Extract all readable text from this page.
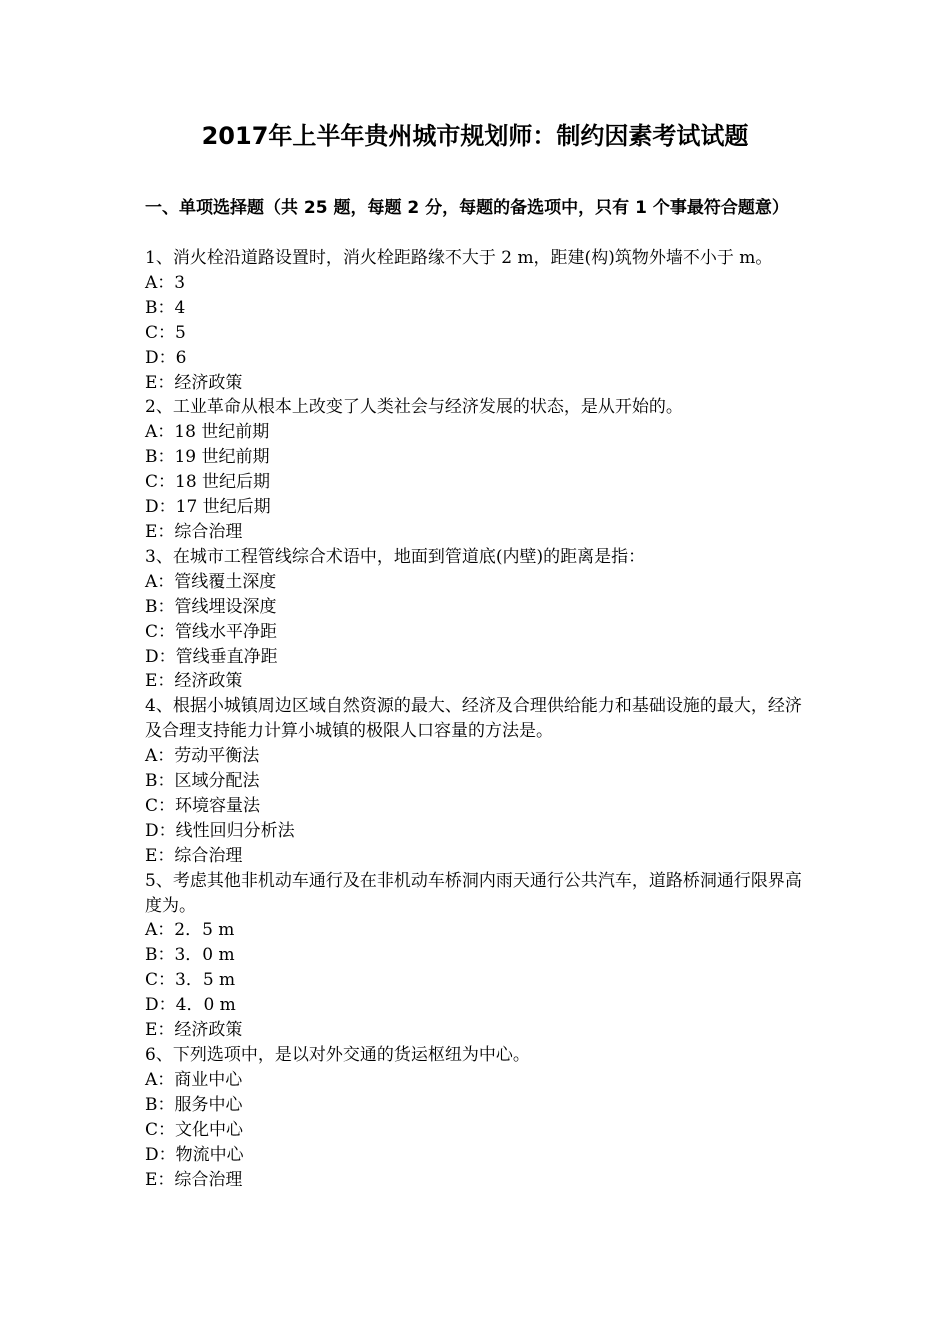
2017年上半年贵州城市规划师：制约因素考试试题
一、单项选择题（共 25 题，每题 2 分，每题的备选项中，只有 1 个事最符合题意）
1、消火栓沿道路设置时，消火栓距路缘不大于 2 m，距建(构)筑物外墙不小于 m。
A：3
B：4
C：5
D：6
E：经济政策
2、工业革命从根本上改变了人类社会与经济发展的状态，是从开始的。
A：18 世纪前期
B：19 世纪前期
C：18 世纪后期
D：17 世纪后期
E：综合治理
3、在城市工程管线综合术语中，地面到管道底(内壁)的距离是指：
A：管线覆土深度
B：管线埋设深度
C：管线水平净距
D：管线垂直净距
E：经济政策
4、根据小城镇周边区域自然资源的最大、经济及合理供给能力和基础设施的最大，经济及合理支持能力计算小城镇的极限人口容量的方法是。
A：劳动平衡法
B：区域分配法
C：环境容量法
D：线性回归分析法
E：综合治理
5、考虑其他非机动车通行及在非机动车桥洞内雨天通行公共汽车，道路桥洞通行限界高度为。
A：2．5 m
B：3．0 m
C：3．5 m
D：4．0 m
E：经济政策
6、下列选项中，是以对外交通的货运枢纽为中心。
A：商业中心
B：服务中心
C：文化中心
D：物流中心
E：综合治理
